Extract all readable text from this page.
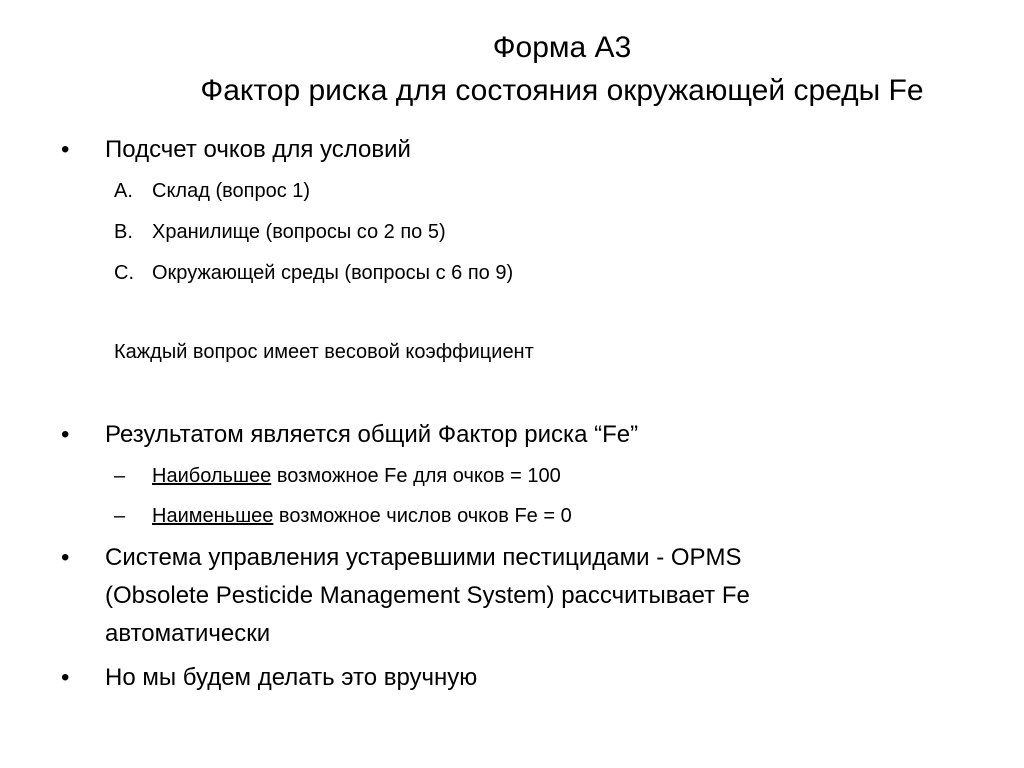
Форма А3
Фактор риска для состояния окружающей среды Fe
• Подсчет очков для условий
A. Склад (вопрос 1)
B. Хранилище (вопросы со 2 по 5)
C. Окружающей среды (вопросы с 6 по 9)
Каждый вопрос имеет весовой коэффициент
• Результатом является общий Фактор риска “Fe”
– Наибольшее возможное Fe для очков = 100
– Наименьшее возможное числов очков Fe = 0
• Система управления устаревшими пестицидами - OPMS
(Obsolete Pesticide Management System) рассчитывает Fe
автоматически
• Но мы будем делать это вручную
